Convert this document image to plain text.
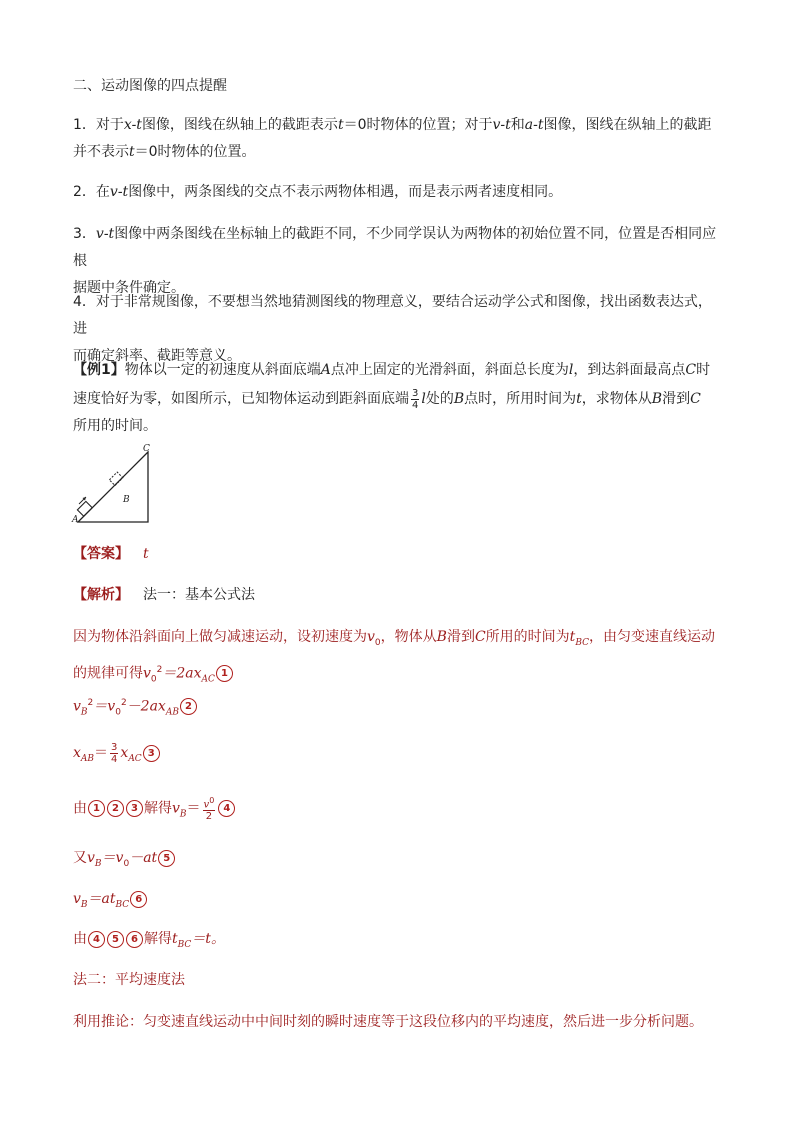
二、运动图像的四点提醒
1．对于x-t图像，图线在纵轴上的截距表示t＝0时物体的位置；对于v-t和a-t图像，图线在纵轴上的截距
并不表示t＝0时物体的位置。
2．在v-t图像中，两条图线的交点不表示两物体相遇，而是表示两者速度相同。
3．v-t图像中两条图线在坐标轴上的截距不同，不少同学误认为两物体的初始位置不同，位置是否相同应根
据题中条件确定。
4．对于非常规图像，不要想当然地猜测图线的物理意义，要结合运动学公式和图像，找出函数表达式，进
而确定斜率、截距等意义。
【例1】物体以一定的初速度从斜面底端A点冲上固定的光滑斜面，斜面总长度为l，到达斜面最高点C时
速度恰好为零，如图所示，已知物体运动到距斜面底端 $\frac{3}{4}$ l处的B点时，所用时间为t，求物体从B滑到C
所用的时间。
A
B
C
【答案】 t
【解析】 法一：基本公式法
因为物体沿斜面向上做匀减速运动，设初速度为$v_0$，物体从B滑到C所用的时间为$t_{BC}$，由匀变速直线运动
的规律可得$v_0^2=2ax_{AC}1$
$v_B^2=v_0^2-2ax_{AB}2$
$x_{AB}= \frac{3}{4} x_{AC}3$
由 1 2 3 解得$v_B= \frac{v^0}{2} 4$
又$v_B=v_0-at$ 5
$v_B=at_{BC}6$
由 4 5 6 解得$t_{BC}=t$。
法二：平均速度法
利用推论：匀变速直线运动中中间时刻的瞬时速度等于这段位移内的平均速度，然后进一步分析问题。
